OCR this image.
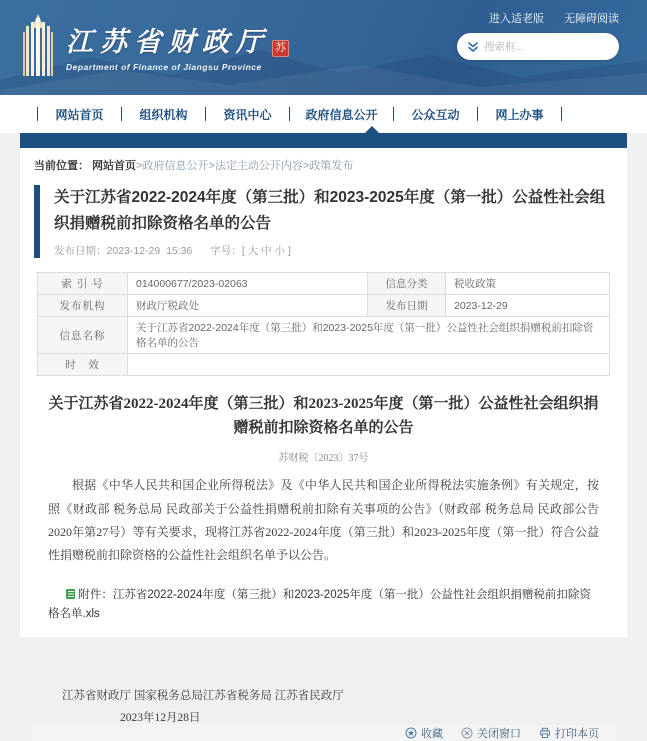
江苏省财政厅 苏
Department of Finance of Jiangsu Province
进入适老版 无障碍阅读
搜索框...
网站首页	组织机构	资讯中心	政府信息公开	公众互动	网上办事
当前位置： 网站首页>政府信息公开>法定主动公开内容>政策发布
关于江苏省2022-2024年度（第三批）和2023-2025年度（第一批）公益性社会组织捐赠税前扣除资格名单的公告
发布日期：2023-12-29 15:36 字号：[ 大 中 小 ]
索 引 号	014000677/2023-02063	信息分类	税收政策
发布机构	财政厅税政处	发布日期	2023-12-29
信息名称	关于江苏省2022-2024年度（第三批）和2023-2025年度（第一批）公益性社会组织捐赠税前扣除资格名单的公告		
时　效			
关于江苏省2022-2024年度（第三批）和2023-2025年度（第一批）公益性社会组织捐赠税前扣除资格名单的公告
苏财税〔2023〕37号
根据《中华人民共和国企业所得税法》及《中华人民共和国企业所得税法实施条例》有关规定，按照《财政部 税务总局 民政部关于公益性捐赠税前扣除有关事项的公告》（财政部 税务总局 民政部公告2020年第27号）等有关要求，现将江苏省2022-2024年度（第三批）和2023-2025年度（第一批）符合公益性捐赠税前扣除资格的公益性社会组织名单予以公告。
附件：江苏省2022-2024年度（第三批）和2023-2025年度（第一批）公益性社会组织捐赠税前扣除资格名单.xls
江苏省财政厅 国家税务总局江苏省税务局 江苏省民政厅
2023年12月28日
收藏	关闭窗口	打印本页
